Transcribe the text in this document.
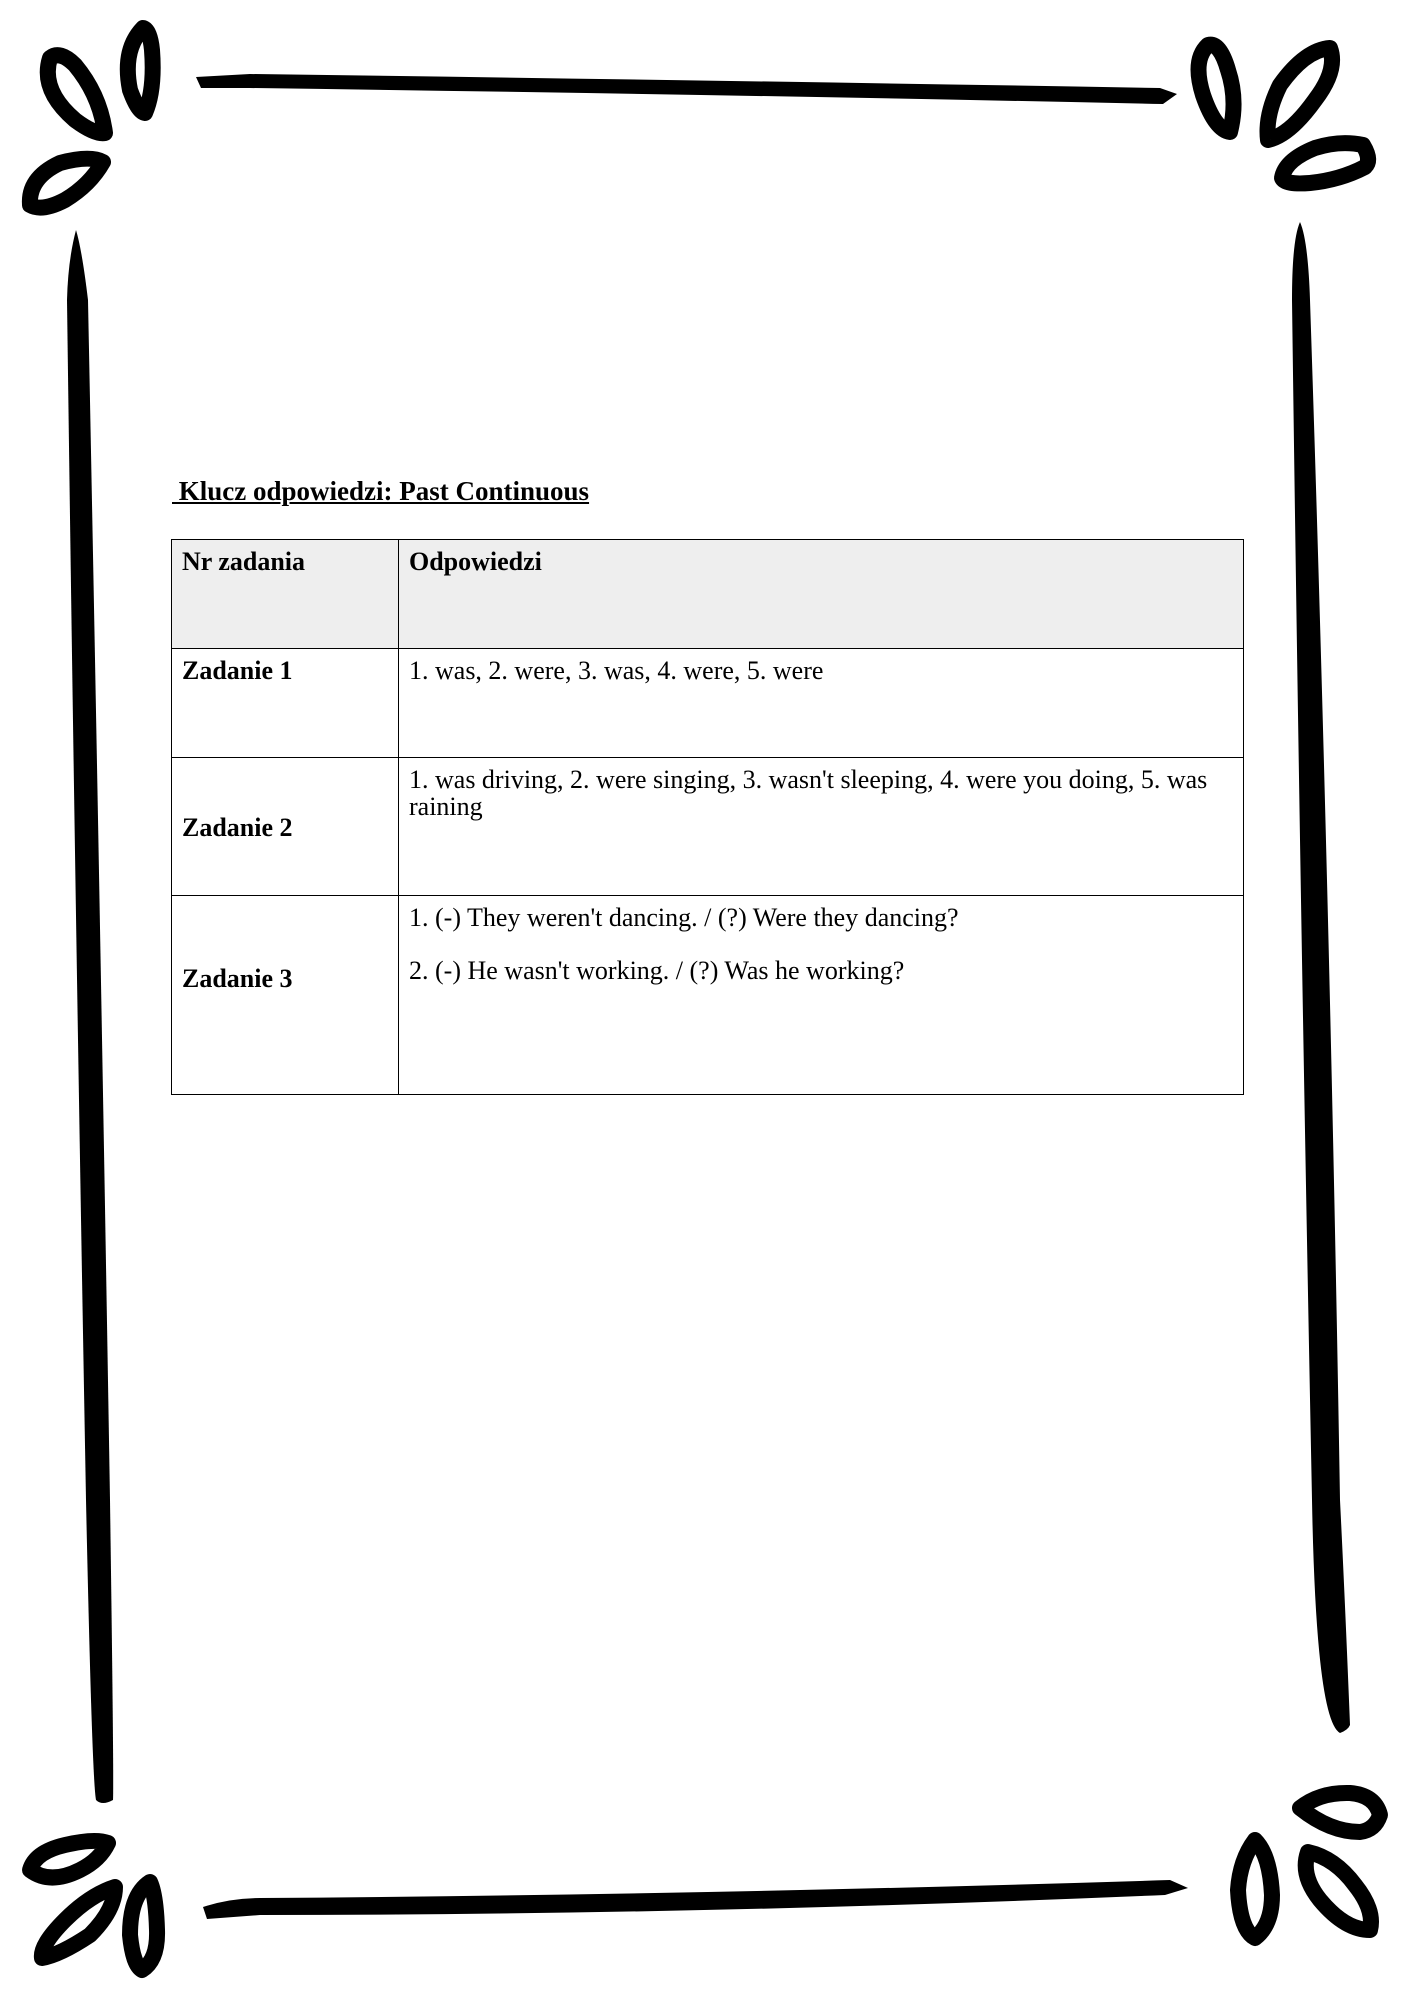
Klucz odpowiedzi: Past Continuous
Nr zadania	Odpowiedzi
Zadanie 1	1. was, 2. were, 3. was, 4. were, 5. were
Zadanie 2	1. was driving, 2. were singing, 3. wasn't sleeping, 4. were you doing, 5. was raining
Zadanie 3	1. (-) They weren't dancing. / (?) Were they dancing?

2. (-) He wasn't working. / (?) Was he working?
